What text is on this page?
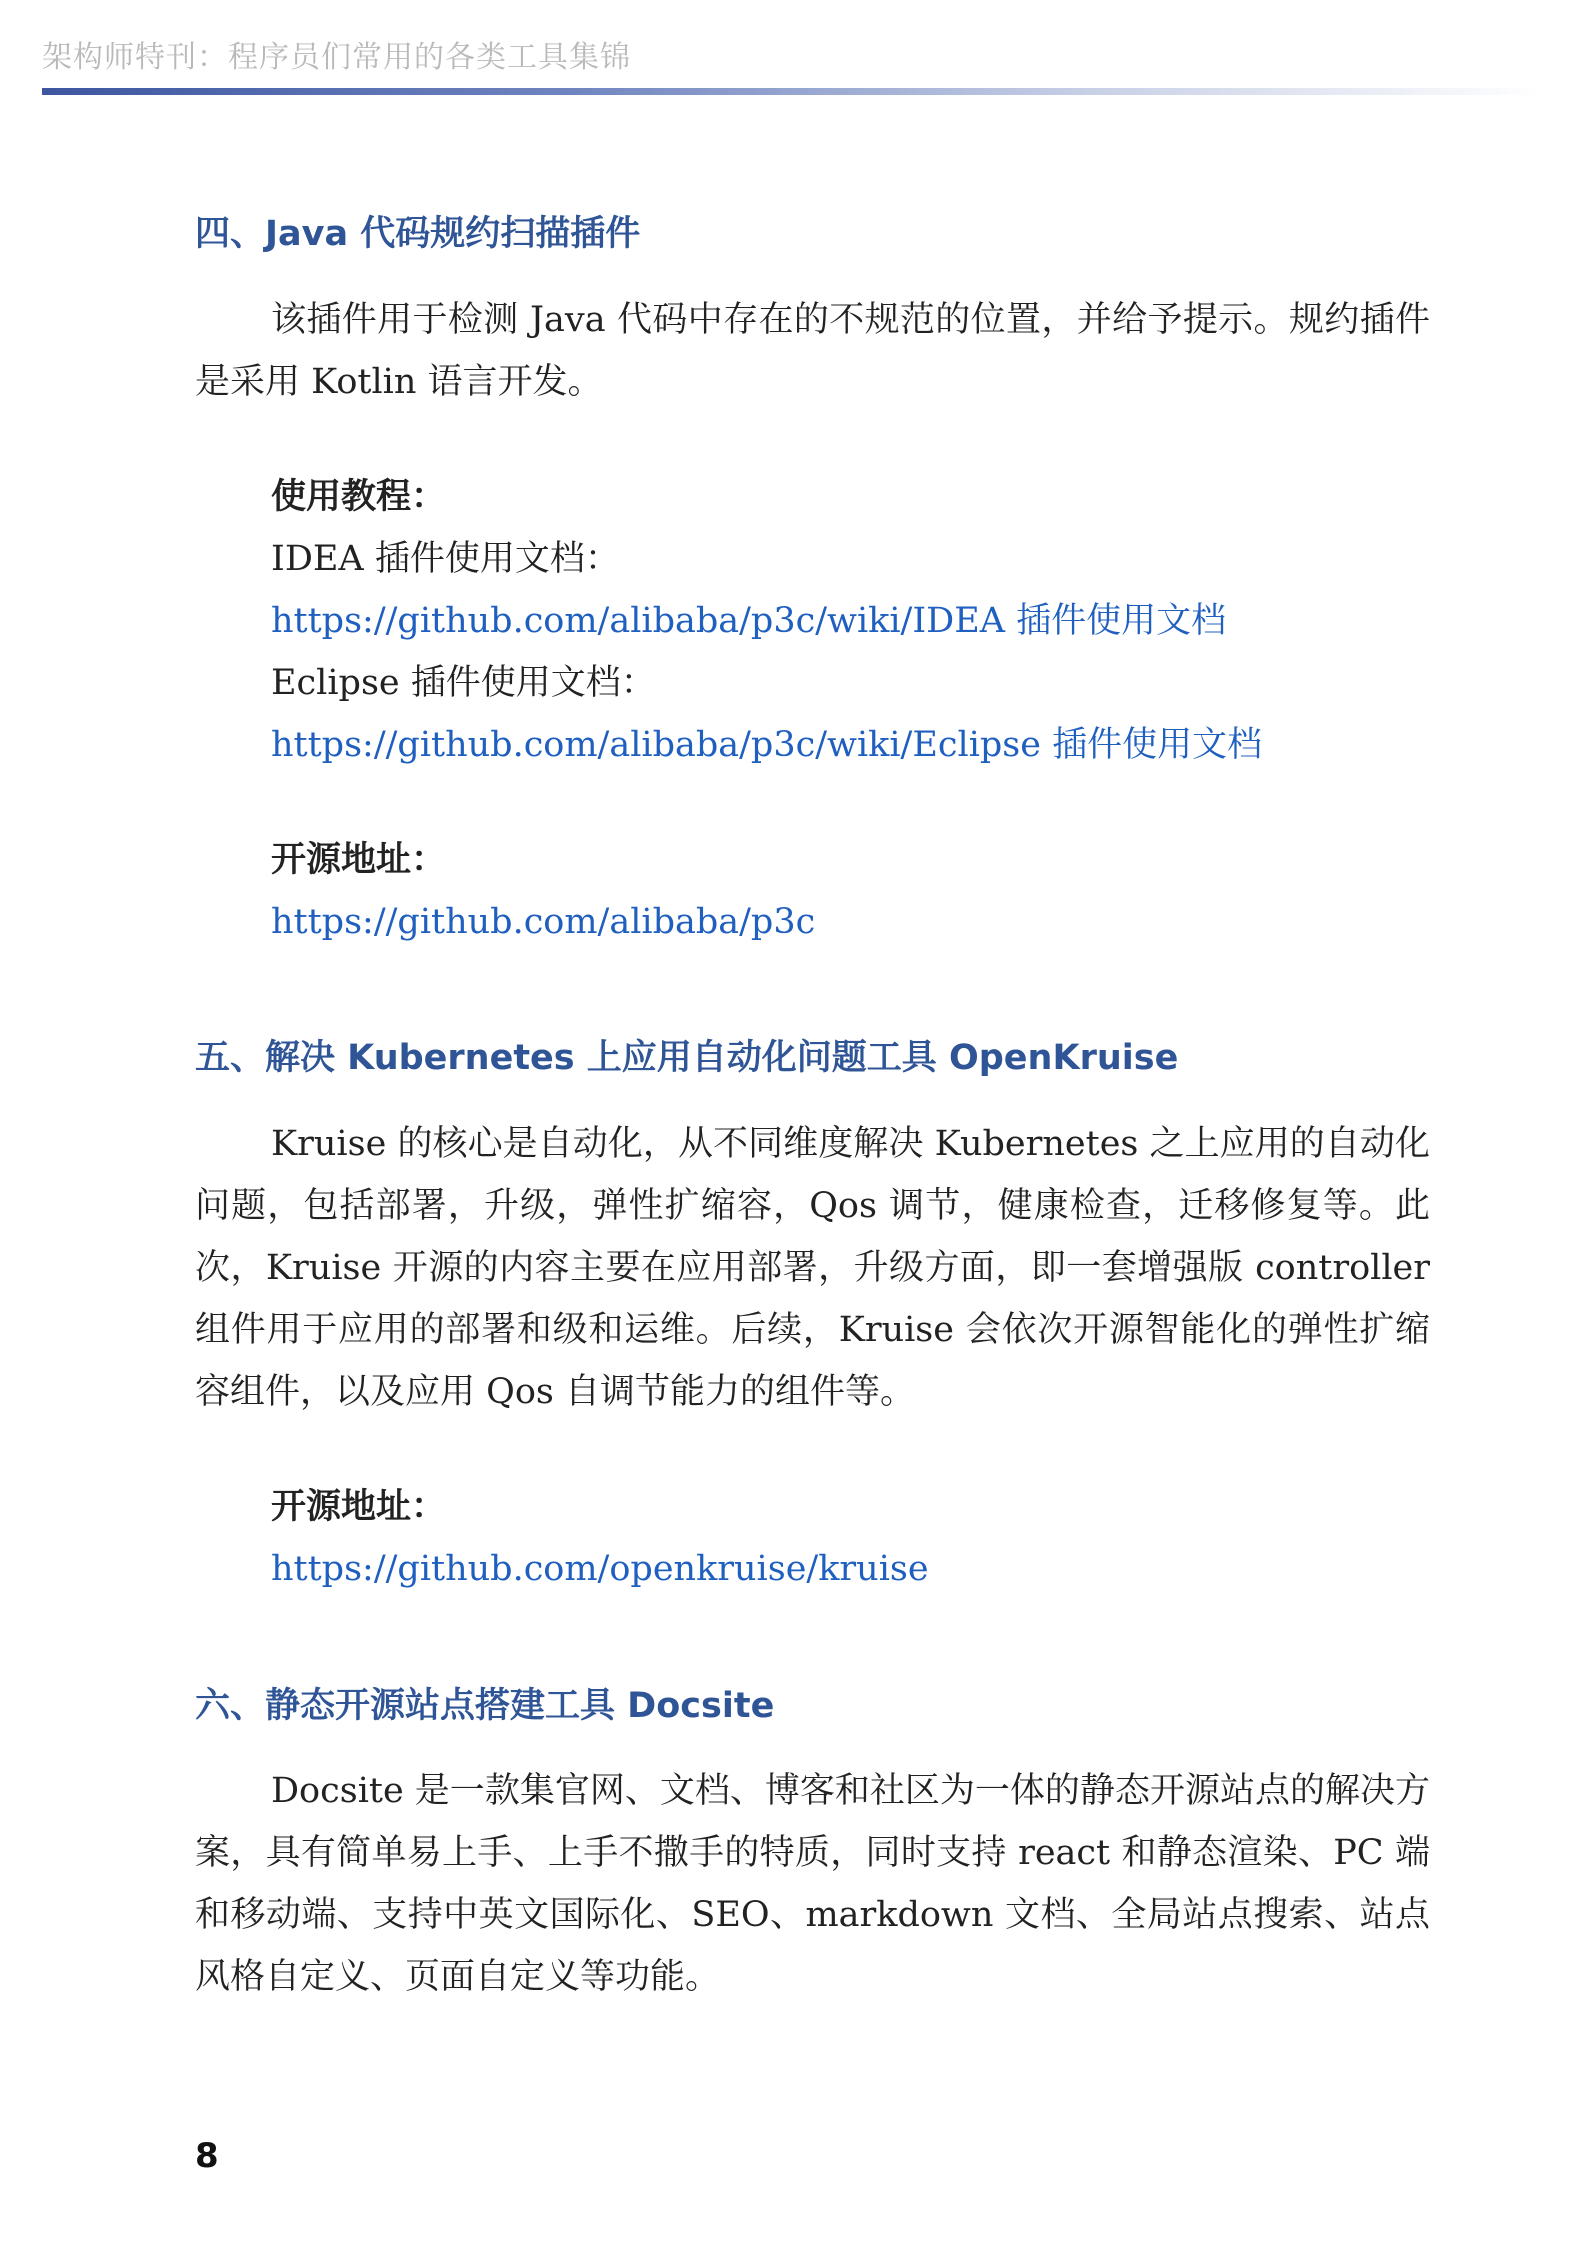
架构师特刊：程序员们常用的各类工具集锦
四、Java 代码规约扫描插件
该插件用于检测 Java 代码中存在的不规范的位置，并给予提示。规约插件是采用 Kotlin 语言开发。
使用教程：
IDEA 插件使用文档：
https://github.com/alibaba/p3c/wiki/IDEA 插件使用文档
Eclipse 插件使用文档：
https://github.com/alibaba/p3c/wiki/Eclipse 插件使用文档
开源地址：
https://github.com/alibaba/p3c
五、解决 Kubernetes 上应用自动化问题工具 OpenKruise
Kruise 的核心是自动化，从不同维度解决 Kubernetes 之上应用的自动化问题，包括部署，升级，弹性扩缩容，Qos 调节，健康检查，迁移修复等。此次，Kruise 开源的内容主要在应用部署，升级方面，即一套增强版 controller 组件用于应用的部署和级和运维。后续，Kruise 会依次开源智能化的弹性扩缩容组件，以及应用 Qos 自调节能力的组件等。
开源地址：
https://github.com/openkruise/kruise
六、静态开源站点搭建工具 Docsite
Docsite 是一款集官网、文档、博客和社区为一体的静态开源站点的解决方案，具有简单易上手、上手不撒手的特质，同时支持 react 和静态渲染、PC 端和移动端、支持中英文国际化、SEO、markdown 文档、全局站点搜索、站点风格自定义、页面自定义等功能。
8
